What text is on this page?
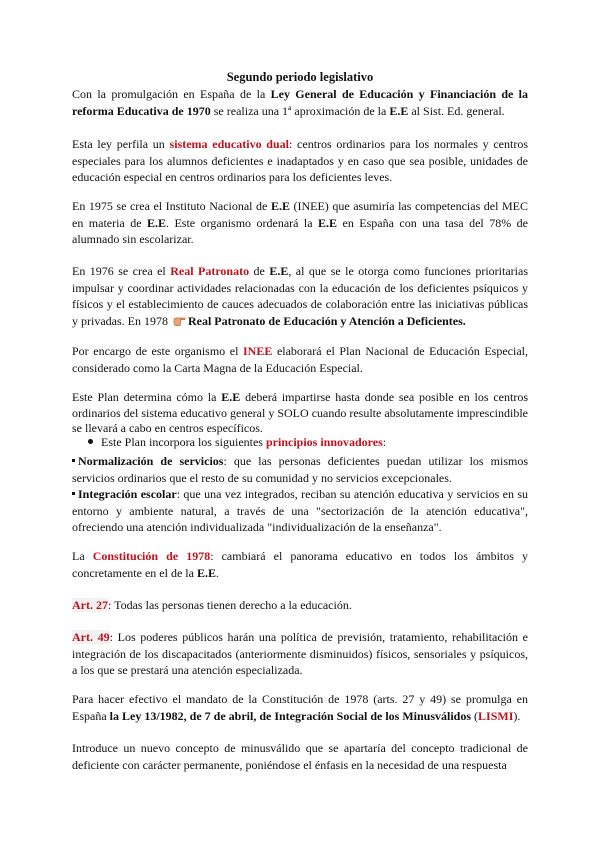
Segundo periodo legislativo

Con la promulgación en España de la Ley General de Educación y Financiación de la reforma Educativa de 1970 se realiza una 1ª aproximación de la E.E al Sist. Ed. general.

Esta ley perfila un sistema educativo dual: centros ordinarios para los normales y centros especiales para los alumnos deficientes e inadaptados y en caso que sea posible, unidades de educación especial en centros ordinarios para los deficientes leves.

En 1975 se crea el Instituto Nacional de E.E (INEE) que asumiría las competencias del MEC en materia de E.E. Este organismo ordenará la E.E en España con una tasa del 78% de alumnado sin escolarizar.

En 1976 se crea el Real Patronato de E.E, al que se le otorga como funciones prioritarias impulsar y coordinar actividades relacionadas con la educación de los deficientes psíquicos y físicos y el establecimiento de cauces adecuados de colaboración entre las iniciativas públicas y privadas. En 1978 Real Patronato de Educación y Atención a Deficientes.

Por encargo de este organismo el INEE elaborará el Plan Nacional de Educación Especial, considerado como la Carta Magna de la Educación Especial.

Este Plan determina cómo la E.E deberá impartirse hasta donde sea posible en los centros ordinarios del sistema educativo general y SOLO cuando resulte absolutamente imprescindible se llevará a cabo en centros específicos.

Este Plan incorpora los siguientes principios innovadores:

Normalización de servicios: que las personas deficientes puedan utilizar los mismos servicios ordinarios que el resto de su comunidad y no servicios excepcionales.

Integración escolar: que una vez integrados, reciban su atención educativa y servicios en su entorno y ambiente natural, a través de una "sectorización de la atención educativa", ofreciendo una atención individualizada "individualización de la enseñanza".

La Constitución de 1978: cambiará el panorama educativo en todos los ámbitos y concretamente en el de la E.E.

Art. 27: Todas las personas tienen derecho a la educación.

Art. 49: Los poderes públicos harán una política de previsión, tratamiento, rehabilitación e integración de los discapacitados (anteriormente disminuidos) físicos, sensoriales y psíquicos, a los que se prestará una atención especializada.

Para hacer efectivo el mandato de la Constitución de 1978 (arts. 27 y 49) se promulga en España la Ley 13/1982, de 7 de abril, de Integración Social de los Minusválidos (LISMI).

Introduce un nuevo concepto de minusválido que se apartaría del concepto tradicional de deficiente con carácter permanente, poniéndose el énfasis en la necesidad de una respuesta
